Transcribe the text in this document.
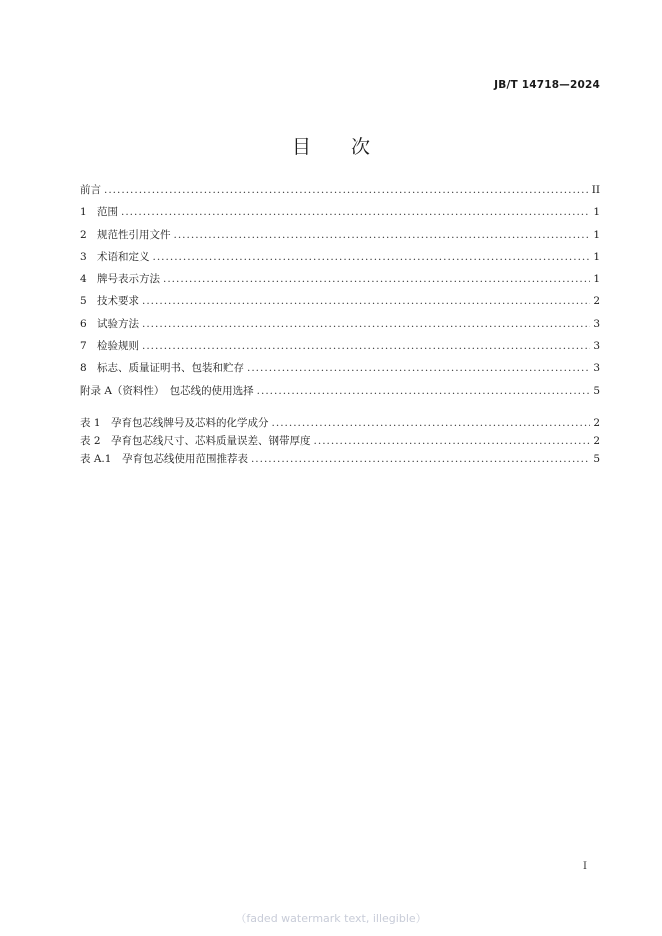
JB/T 14718—2024
目次
前言 .....	II
1 范围 .....	1
2 规范性引用文件 .....	1
3 术语和定义 .....	1
4 牌号表示方法 .....	1
5 技术要求 .....	2
6 试验方法 .....	3
7 检验规则 .....	3
8 标志、质量证明书、包装和贮存 .....	3
附录 A（资料性）　包芯线的使用选择 .....	5
表 1　孕育包芯线牌号及芯料的化学成分 .....	2
表 2　孕育包芯线尺寸、芯料质量误差、钢带厚度 .....	2
表 A.1　孕育包芯线使用范围推荐表 .....	5
I
（faded watermark text, illegible）
